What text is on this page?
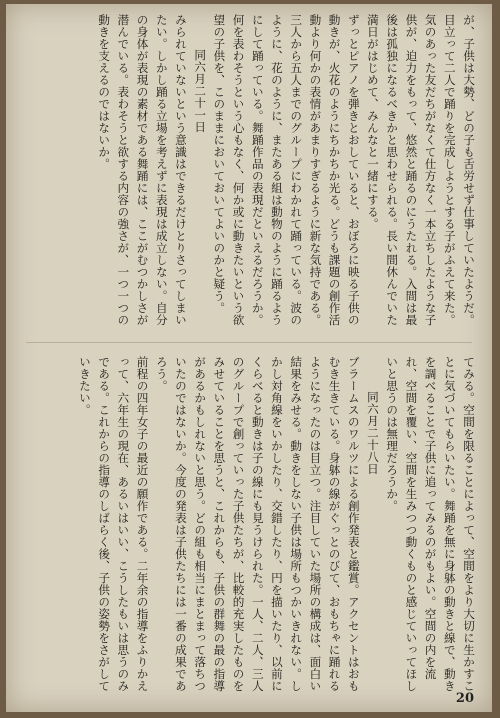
が、子供は大勢、どの子も舌労せず仕事していたようだ。目立って二人で踊りを完成しようとする子がふえて来た。気のあった友だちがなくて仕方なく一本立ちしたような子供が、迫力をもって、悠然と踊るのにうたれる。入間は最後は孤独になるべきかと思わせられる。長い間休んでいた満日がはじめて、みんなと一緒にする。

ずっとピアノを弾きとおしていると、おぼろに映る子供の動きが、火花のようにちかちか光る。どうも課題の創作活動より何かの表情があまりすぎるように新な気持である。三人から五人までのグループにわかれて踊っている。波のように、花のように、またある組は動物のように踊るようにして踊っている。舞踊作品の表現だといえるだろうか。何を表わそうという心もなく、何か或に動きたいという欲望の子供を、このままにおいておいてよいのかと疑う。

同六月二十一日

みられていないという意識はできるだけとりさってしまいたい。しかし踊る立場を考えずに表現は成立しない。自分の身体が表現の素材である舞踊には、ここがむつかしさが潜んでいる。表わそうと欲する内容の強さが、一つ一つの動きを支えるのではないか。

てみる。空間を限ることによって、空間をより大切に生かすことに気づいてもらいたい。舞踊を無に身躰の動きと線で、動きを調べることで子供に追ってみるのがもよい。空間の内を流れ、空間を覆い、空間を生みつつ動くものと感じていってほしいと思うのは無理だろうか。

同六月二十八日

ブラームスのワルツによる創作発表と鑑賞。アクセントはおもむき生きている。身躰の線がぐっとのびて、おもちゃに踊れるようになったのは目立つ。注目していた場所の構成は、面白い結果をみせる。動きをしない子供は場所もつかいきれない。しかし対角線をいかしたり、交錯したり、円を描いたり、以前にくらべると動きは子の線にも見うけられた。一人、二人、三人のグループで創っていった子供たちが、比較的充実したものをみせていることを思うと、これからも、子供の群舞の最の指導があるかもしれないと思う。どの組も相当にまとまって落ちついたのではないか。今度の発表は子供たちには一番の成果であろう。

前程の四年女子の最近の願作である。二年余の指導をふりかえって、六年生の現在、あるいはいい、こうしたもいは思うのみである。これからの指導のしばらく後、子供の姿勢をさがしていきたい。

20
